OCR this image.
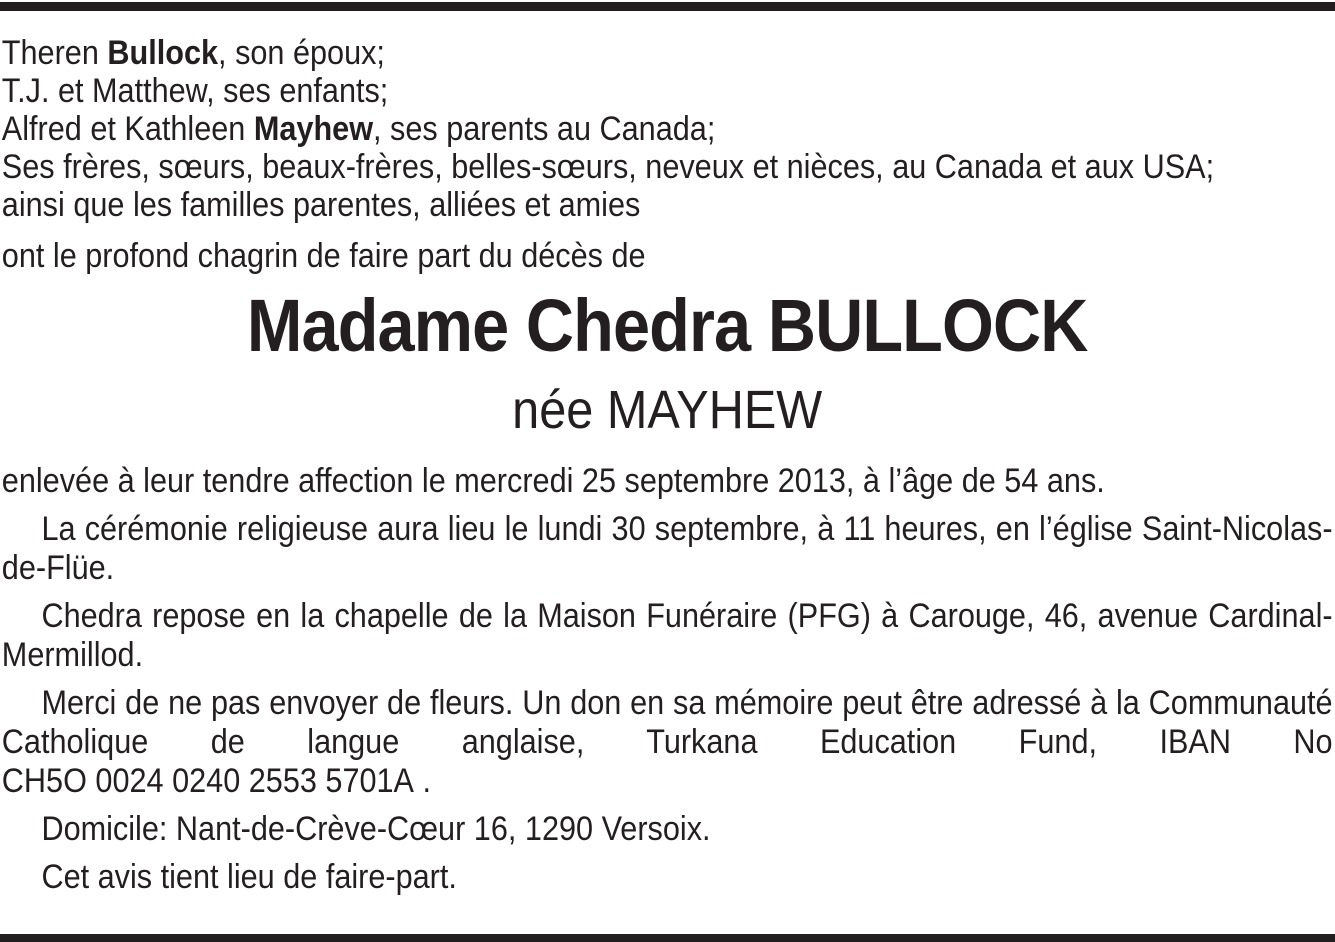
Theren Bullock, son époux;
T.J. et Matthew, ses enfants;
Alfred et Kathleen Mayhew, ses parents au Canada;
Ses frères, sœurs, beaux-frères, belles-sœurs, neveux et nièces, au Canada et aux USA;
ainsi que les familles parentes, alliées et amies
ont le profond chagrin de faire part du décès de
Madame Chedra BULLOCK
née MAYHEW
enlevée à leur tendre affection le mercredi 25 septembre 2013, à l’âge de 54 ans.
La cérémonie religieuse aura lieu le lundi 30 septembre, à 11 heures, en l’église Saint-Nicolas-de-Flüe.
Chedra repose en la chapelle de la Maison Funéraire (PFG) à Carouge, 46, avenue Cardinal-Mermillod.
Merci de ne pas envoyer de fleurs. Un don en sa mémoire peut être adressé à la Communauté Catholique de langue anglaise, Turkana Education Fund, IBAN No CH5O 0024 0240 2553 5701A .
Domicile: Nant-de-Crève-Cœur 16, 1290 Versoix.
Cet avis tient lieu de faire-part.
